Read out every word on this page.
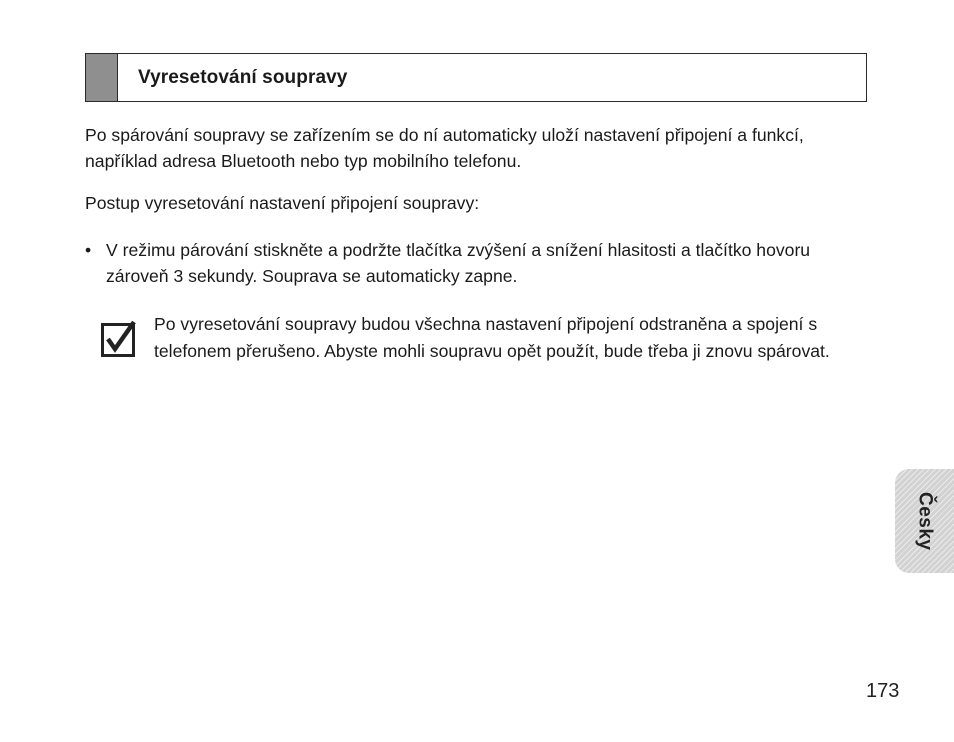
Vyresetování soupravy

Po spárování soupravy se zařízením se do ní automaticky uloží nastavení připojení a funkcí, například adresa Bluetooth nebo typ mobilního telefonu.

Postup vyresetování nastavení připojení soupravy:

• V režimu párování stiskněte a podržte tlačítka zvýšení a snížení hlasitosti a tlačítko hovoru zároveň 3 sekundy. Souprava se automaticky zapne.

Po vyresetování soupravy budou všechna nastavení připojení odstraněna a spojení s telefonem přerušeno. Abyste mohli soupravu opět použít, bude třeba ji znovu spárovat.

Česky
173
